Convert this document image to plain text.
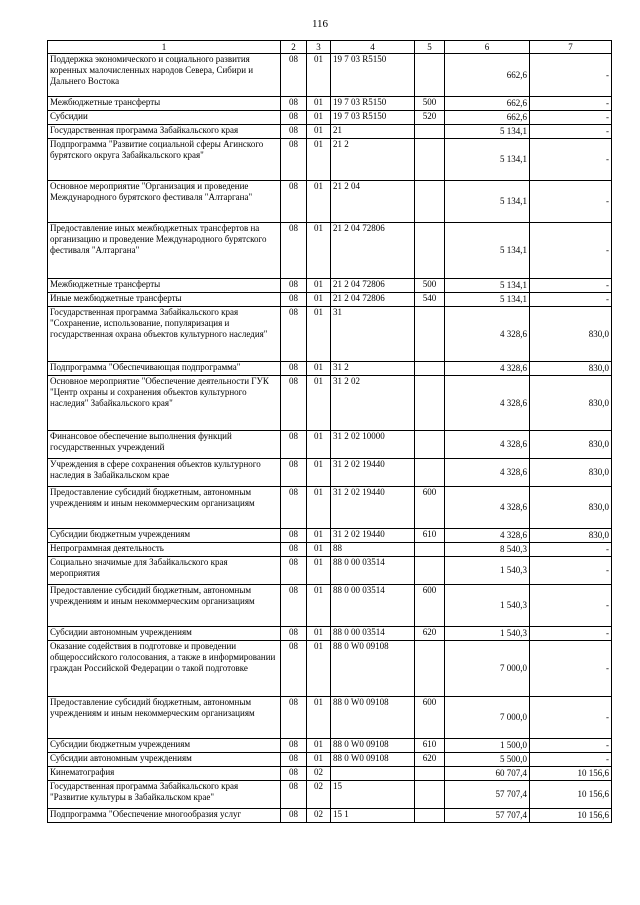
116
1	2	3	4	5	6	7
Поддержка экономического и социального развития коренных малочисленных народов Севера, Сибири и Дальнего Востока	08	01	19 7 03 R5150		662,6	-
Межбюджетные трансферты	08	01	19 7 03 R5150	500	662,6	-
Субсидии	08	01	19 7 03 R5150	520	662,6	-
Государственная программа Забайкальского края	08	01	21		5 134,1	-
Подпрограмма "Развитие социальной сферы Агинского бурятского округа Забайкальского края"	08	01	21 2		5 134,1	-
Основное мероприятие "Организация и проведение Международного бурятского фестиваля "Алтаргана"	08	01	21 2 04		5 134,1	-
Предоставление иных межбюджетных трансфертов на организацию и проведение Международного бурятского фестиваля "Алтаргана"	08	01	21 2 04 72806		5 134,1	-
Межбюджетные трансферты	08	01	21 2 04 72806	500	5 134,1	-
Иные межбюджетные трансферты	08	01	21 2 04 72806	540	5 134,1	-
Государственная программа Забайкальского края "Сохранение, использование, популяризация и государственная охрана объектов культурного наследия"	08	01	31		4 328,6	830,0
Подпрограмма "Обеспечивающая подпрограмма"	08	01	31 2		4 328,6	830,0
Основное мероприятие "Обеспечение деятельности ГУК "Центр охраны и сохранения объектов культурного наследия" Забайкальского края"	08	01	31 2 02		4 328,6	830,0
Финансовое обеспечение выполнения функций государственных учреждений	08	01	31 2 02 10000		4 328,6	830,0
Учреждения в сфере сохранения объектов культурного наследия в Забайкальском крае	08	01	31 2 02 19440		4 328,6	830,0
Предоставление субсидий бюджетным, автономным учреждениям и иным некоммерческим организациям	08	01	31 2 02 19440	600	4 328,6	830,0
Субсидии бюджетным учреждениям	08	01	31 2 02 19440	610	4 328,6	830,0
Непрограммная деятельность	08	01	88		8 540,3	-
Социально значимые для Забайкальского края мероприятия	08	01	88 0 00 03514		1 540,3	-
Предоставление субсидий бюджетным, автономным учреждениям и иным некоммерческим организациям	08	01	88 0 00 03514	600	1 540,3	-
Субсидии автономным учреждениям	08	01	88 0 00 03514	620	1 540,3	-
Оказание содействия в подготовке и проведении общероссийского голосования, а также в информировании граждан Российской Федерации о такой подготовке	08	01	88 0 W0 09108		7 000,0	-
Предоставление субсидий бюджетным, автономным учреждениям и иным некоммерческим организациям	08	01	88 0 W0 09108	600	7 000,0	-
Субсидии бюджетным учреждениям	08	01	88 0 W0 09108	610	1 500,0	-
Субсидии автономным учреждениям	08	01	88 0 W0 09108	620	5 500,0	-
Кинематография	08	02			60 707,4	10 156,6
Государственная программа Забайкальского края "Развитие культуры в Забайкальском крае"	08	02	15		57 707,4	10 156,6
Подпрограмма "Обеспечение многообразия услуг	08	02	15 1		57 707,4	10 156,6
